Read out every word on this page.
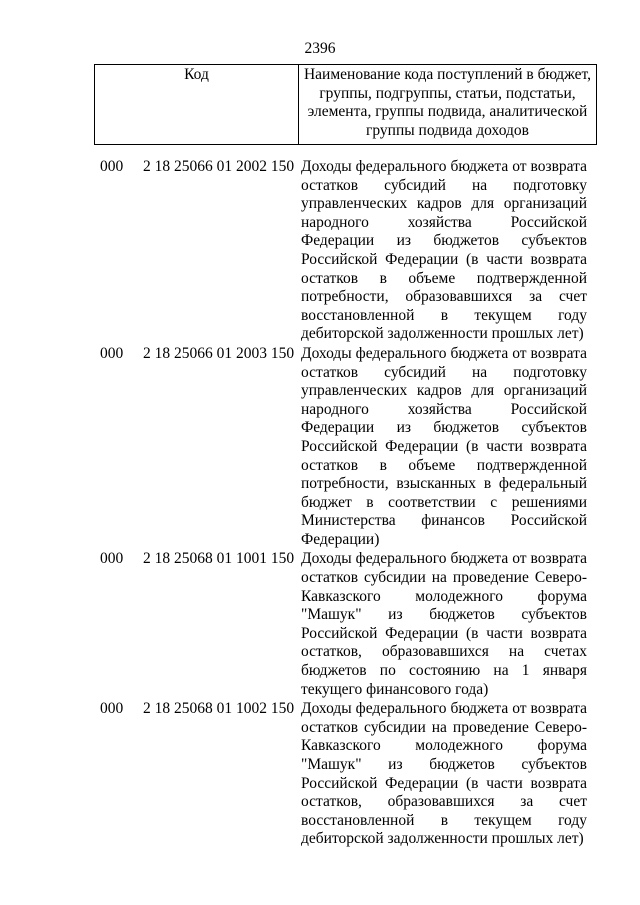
2396
Код	Наименование кода поступлений в бюджет, группы, подгруппы, статьи, подстатьи, элемента, группы подвида, аналитической группы подвида доходов
000 2 18 25066 01 2002 150 Доходы федерального бюджета от возврата остатков субсидий на подготовку управленческих кадров для организаций народного хозяйства Российской Федерации из бюджетов субъектов Российской Федерации (в части возврата остатков в объеме подтвержденной потребности, образовавшихся за счет восстановленной в текущем году дебиторской задолженности прошлых лет)
000 2 18 25066 01 2003 150 Доходы федерального бюджета от возврата остатков субсидий на подготовку управленческих кадров для организаций народного хозяйства Российской Федерации из бюджетов субъектов Российской Федерации (в части возврата остатков в объеме подтвержденной потребности, взысканных в федеральный бюджет в соответствии с решениями Министерства финансов Российской Федерации)
000 2 18 25068 01 1001 150 Доходы федерального бюджета от возврата остатков субсидии на проведение Северо-Кавказского молодежного форума "Машук" из бюджетов субъектов Российской Федерации (в части возврата остатков, образовавшихся на счетах бюджетов по состоянию на 1 января текущего финансового года)
000 2 18 25068 01 1002 150 Доходы федерального бюджета от возврата остатков субсидии на проведение Северо-Кавказского молодежного форума "Машук" из бюджетов субъектов Российской Федерации (в части возврата остатков, образовавшихся за счет восстановленной в текущем году дебиторской задолженности прошлых лет)
